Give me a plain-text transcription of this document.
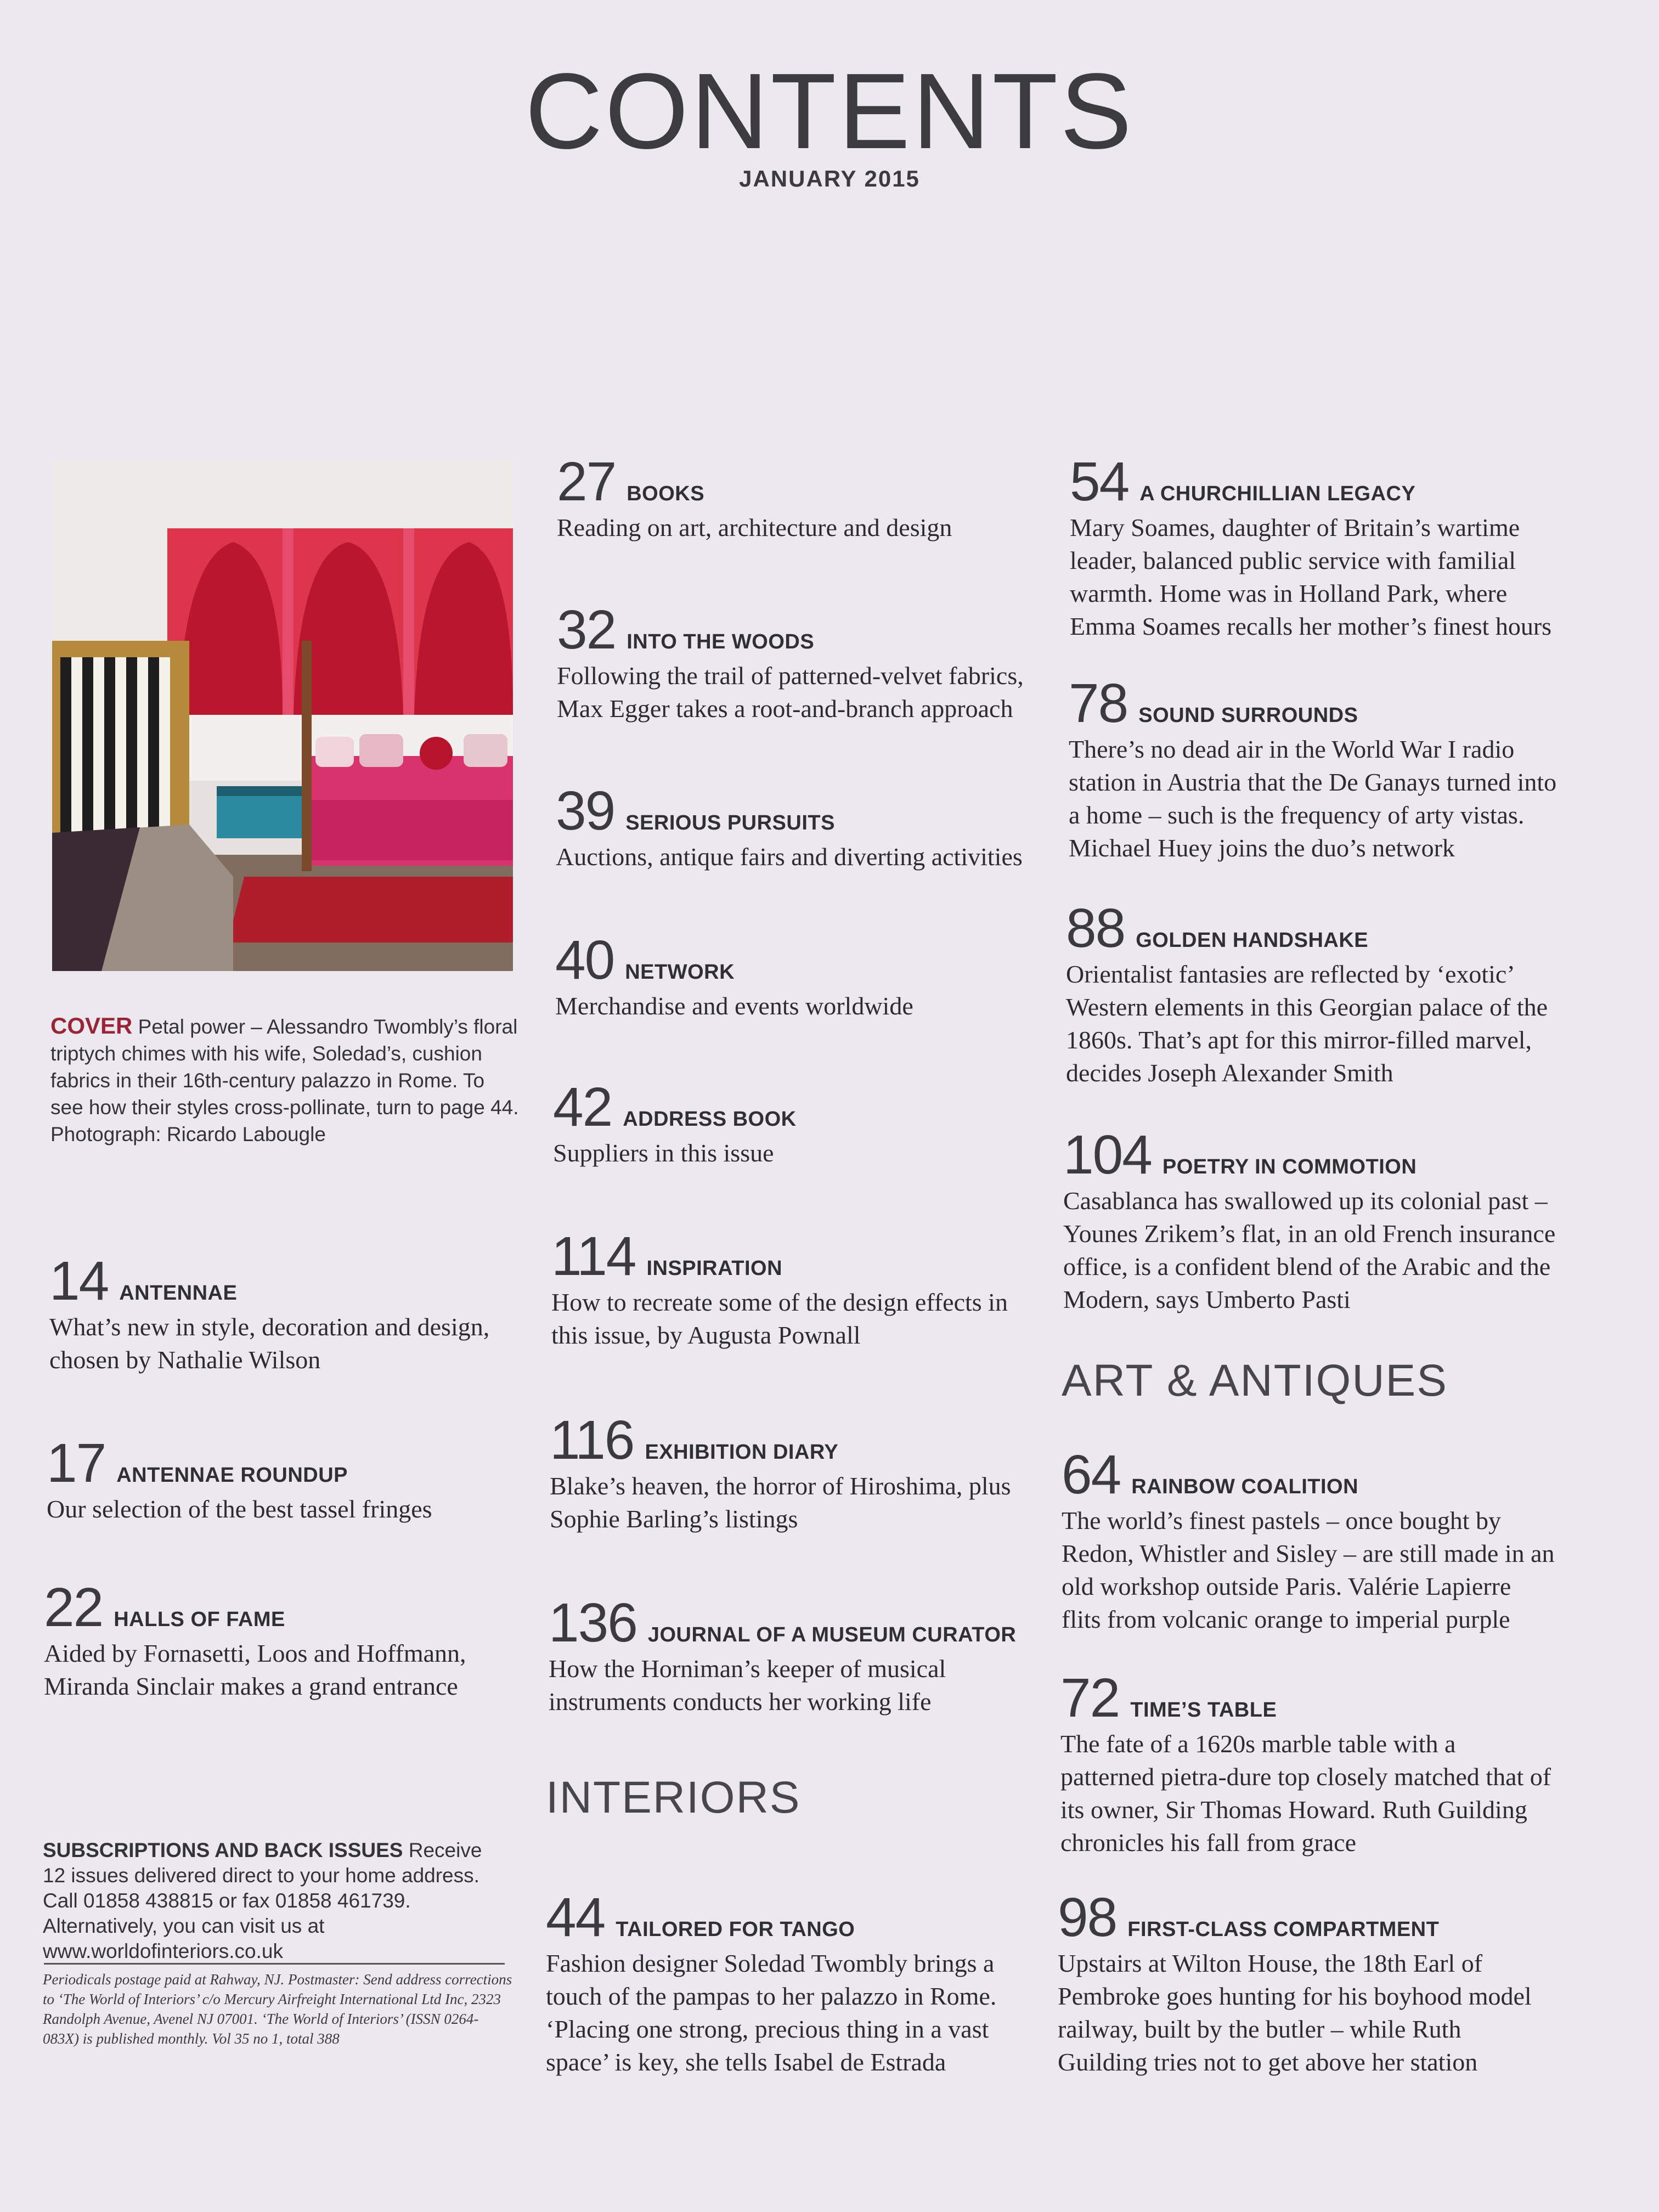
CONTENTS
JANUARY 2015
COVER Petal power – Alessandro Twombly’s floral triptych chimes with his wife, Soledad’s, cushion fabrics in their 16th-century palazzo in Rome. To see how their styles cross-pollinate, turn to page 44. Photograph: Ricardo Labougle
14 ANTENNAE
What’s new in style, decoration and design, chosen by Nathalie Wilson
17 ANTENNAE ROUNDUP
Our selection of the best tassel fringes
22 HALLS OF FAME
Aided by Fornasetti, Loos and Hoffmann, Miranda Sinclair makes a grand entrance
27 BOOKS
Reading on art, architecture and design
32 INTO THE WOODS
Following the trail of patterned-velvet fabrics, Max Egger takes a root-and-branch approach
39 SERIOUS PURSUITS
Auctions, antique fairs and diverting activities
40 NETWORK
Merchandise and events worldwide
42 ADDRESS BOOK
Suppliers in this issue
114 INSPIRATION
How to recreate some of the design effects in this issue, by Augusta Pownall
116 EXHIBITION DIARY
Blake’s heaven, the horror of Hiroshima, plus Sophie Barling’s listings
136 JOURNAL OF A MUSEUM CURATOR
How the Horniman’s keeper of musical instruments conducts her working life
INTERIORS
44 TAILORED FOR TANGO
Fashion designer Soledad Twombly brings a touch of the pampas to her palazzo in Rome. ‘Placing one strong, precious thing in a vast space’ is key, she tells Isabel de Estrada
54 A CHURCHILLIAN LEGACY
Mary Soames, daughter of Britain’s wartime leader, balanced public service with familial warmth. Home was in Holland Park, where Emma Soames recalls her mother’s finest hours
78 SOUND SURROUNDS
There’s no dead air in the World War I radio station in Austria that the De Ganays turned into a home – such is the frequency of arty vistas. Michael Huey joins the duo’s network
88 GOLDEN HANDSHAKE
Orientalist fantasies are reflected by ‘exotic’ Western elements in this Georgian palace of the 1860s. That’s apt for this mirror-filled marvel, decides Joseph Alexander Smith
104 POETRY IN COMMOTION
Casablanca has swallowed up its colonial past – Younes Zrikem’s flat, in an old French insurance office, is a confident blend of the Arabic and the Modern, says Umberto Pasti
ART & ANTIQUES
64 RAINBOW COALITION
The world’s finest pastels – once bought by Redon, Whistler and Sisley – are still made in an old workshop outside Paris. Valérie Lapierre flits from volcanic orange to imperial purple
72 TIME’S TABLE
The fate of a 1620s marble table with a patterned pietra-dure top closely matched that of its owner, Sir Thomas Howard. Ruth Guilding chronicles his fall from grace
98 FIRST-CLASS COMPARTMENT
Upstairs at Wilton House, the 18th Earl of Pembroke goes hunting for his boyhood model railway, built by the butler – while Ruth Guilding tries not to get above her station
SUBSCRIPTIONS AND BACK ISSUES Receive 12 issues delivered direct to your home address. Call 01858 438815 or fax 01858 461739. Alternatively, you can visit us at www.worldofinteriors.co.uk
Periodicals postage paid at Rahway, NJ. Postmaster: Send address corrections to ‘The World of Interiors’ c/o Mercury Airfreight International Ltd Inc, 2323 Randolph Avenue, Avenel NJ 07001. ‘The World of Interiors’ (ISSN 0264-083X) is published monthly. Vol 35 no 1, total 388
